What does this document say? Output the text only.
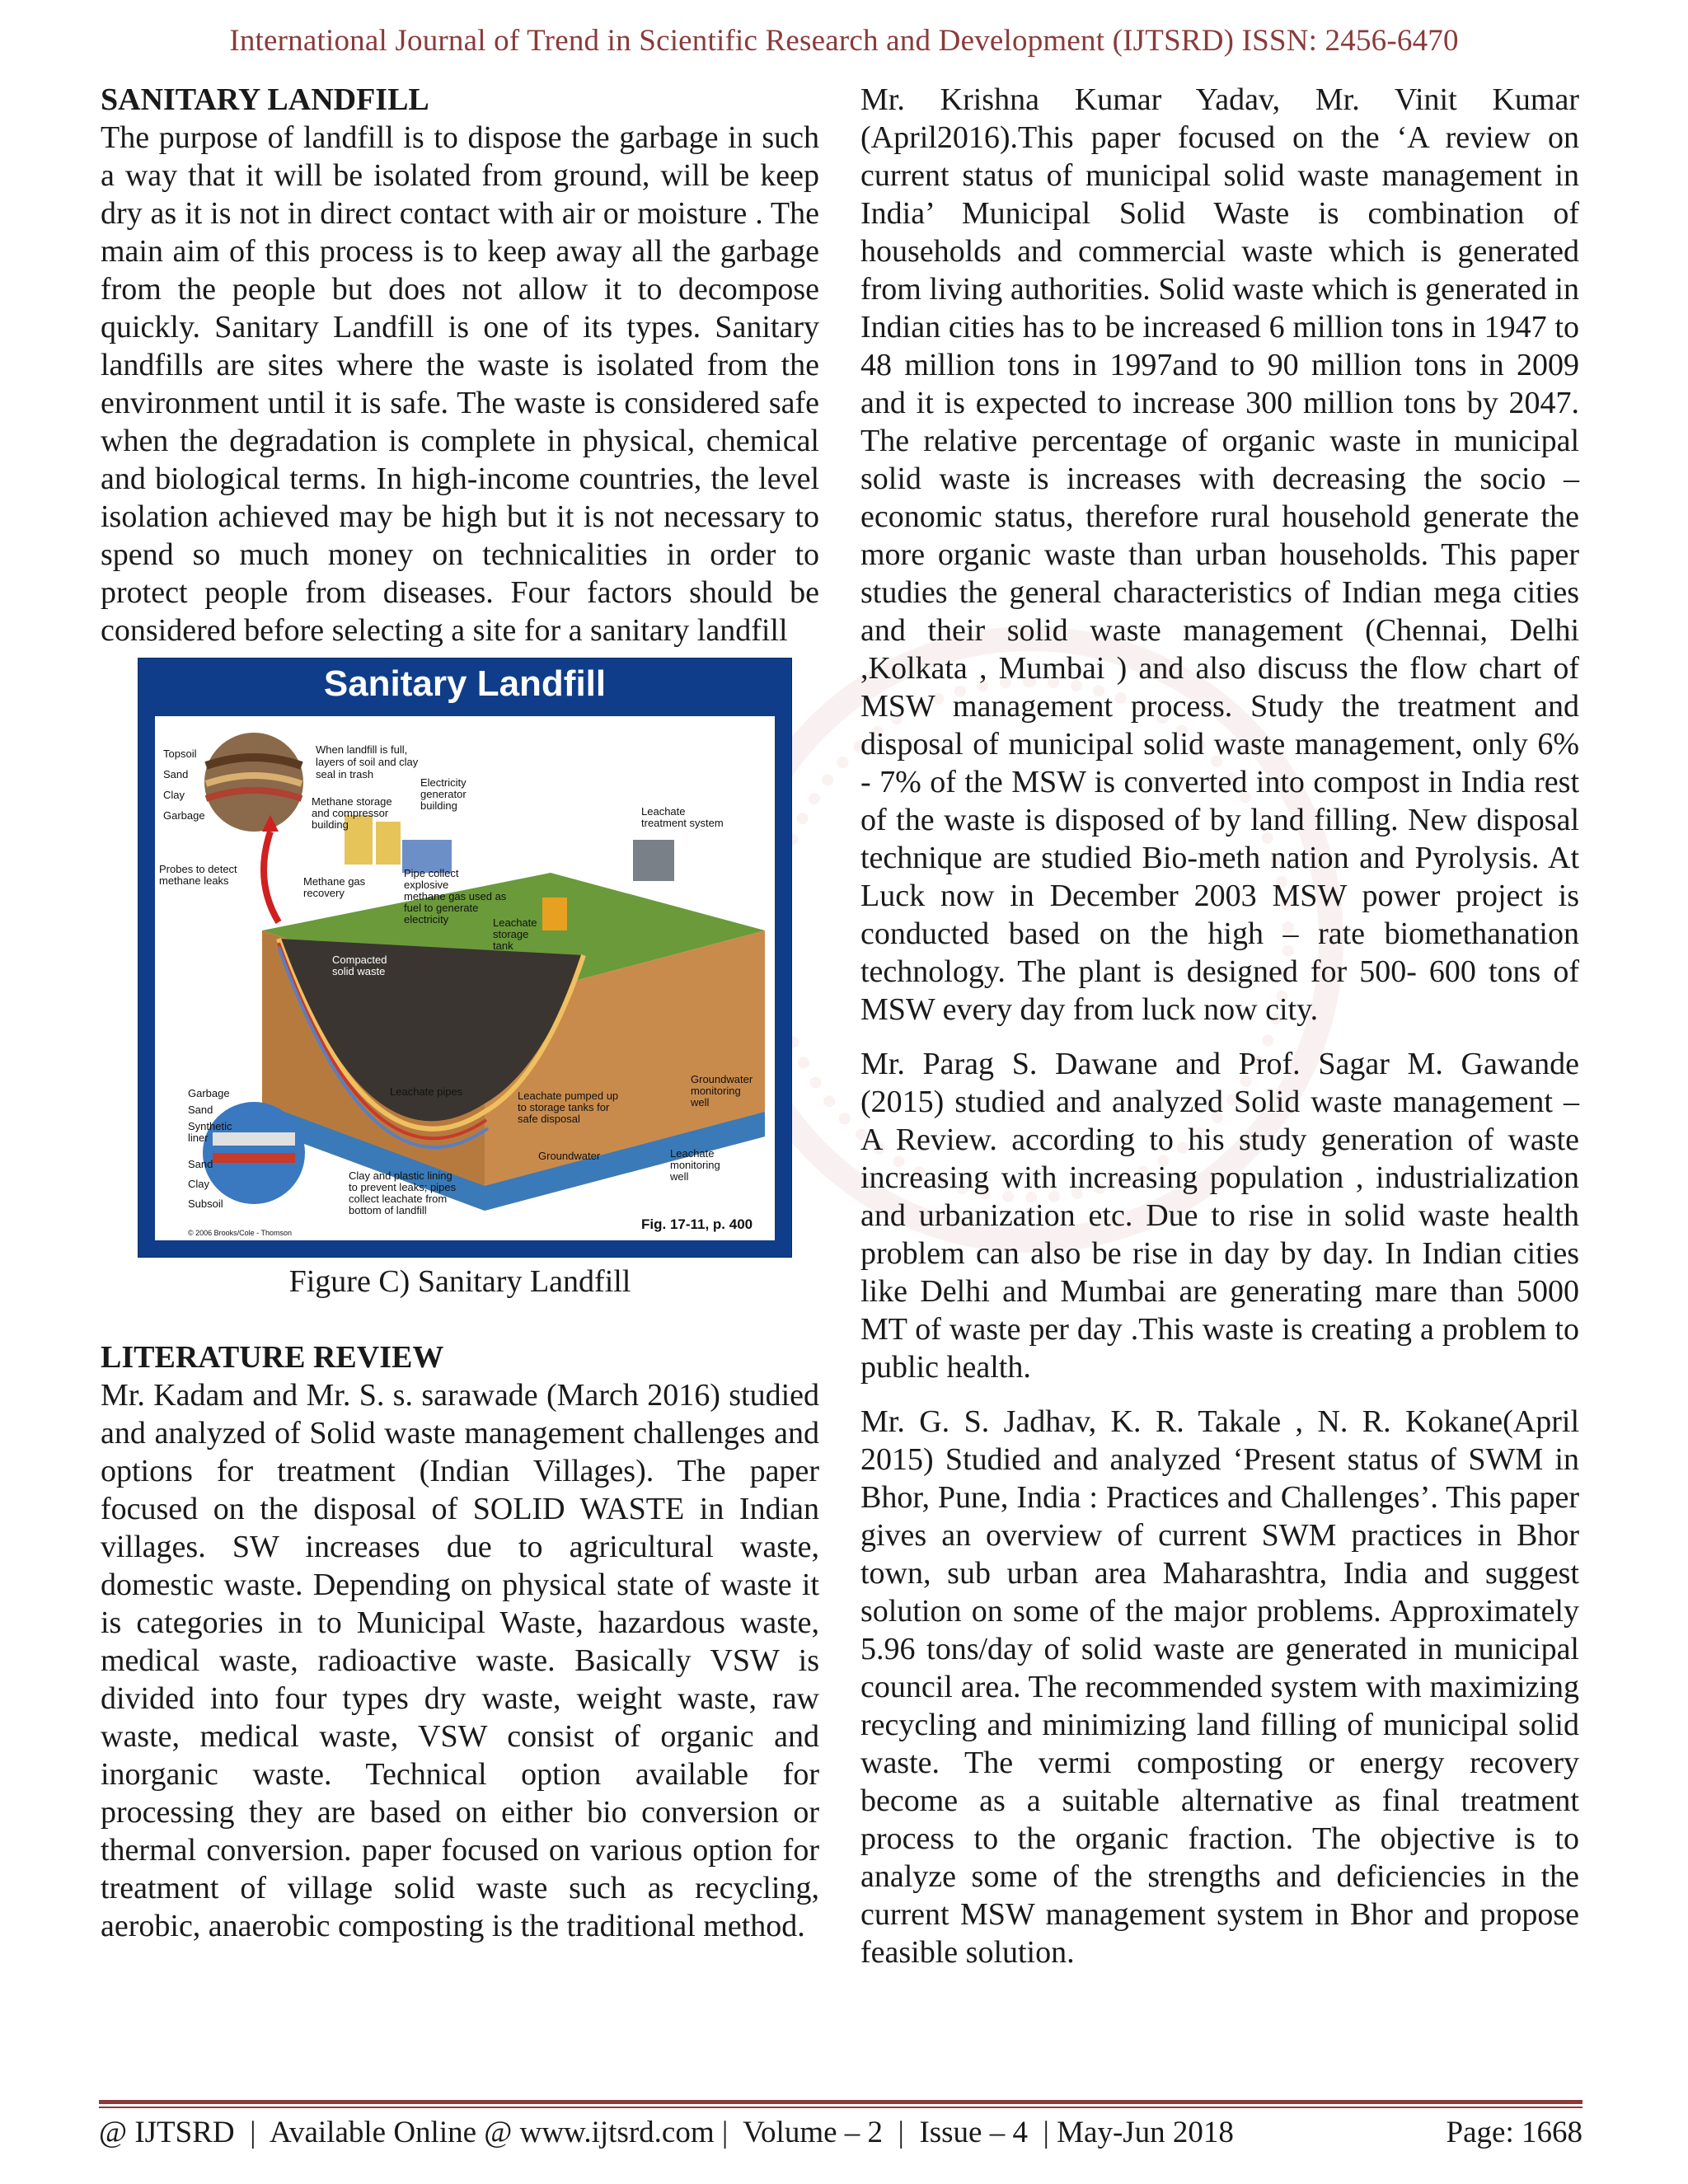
International Journal of Trend in Scientific Research and Development (IJTSRD) ISSN: 2456-6470

SANITARY LANDFILL

The purpose of landfill is to dispose the garbage in such a way that it will be isolated from ground, will be keep dry as it is not in direct contact with air or moisture . The main aim of this process is to keep away all the garbage from the people but does not allow it to decompose quickly. Sanitary Landfill is one of its types. Sanitary landfills are sites where the waste is isolated from the environment until it is safe. The waste is considered safe when the degradation is complete in physical, chemical and biological terms. In high-income countries, the level isolation achieved may be high but it is not necessary to spend so much money on technicalities in order to protect people from diseases. Four factors should be considered before selecting a site for a sanitary landfill

Sanitary Landfill
Topsoil
Sand
Clay
Garbage
When landfill is full,
layers of soil and clay
seal in trash
Methane storage
and compressor
building
Electricity
generator
building	Leachate
treatment system
Probes to detect
methane leaks	Methane gas
recovery
Pipe collect
explosive
methane gas used as
fuel to generate
electricity	Leachate
storage
tank
Compacted
solid waste
Groundwater
monitoring
well
Garbage
Sand
Synthetic
liner
Sand
Clay
Subsoil
Leachate pipes	Leachate pumped up
to storage tanks for
safe disposal
Groundwater	Leachate
monitoring
well
Clay and plastic lining
to prevent leaks; pipes
collect leachate from
bottom of landfill
Fig. 17-11, p. 400
© 2006 Brooks/Cole - Thomson

Figure C) Sanitary Landfill

LITERATURE REVIEW

Mr. Kadam and Mr. S. s. sarawade (March 2016) studied and analyzed of Solid waste management challenges and options for treatment (Indian Villages). The paper focused on the disposal of SOLID WASTE in Indian villages. SW increases due to agricultural waste, domestic waste. Depending on physical state of waste it is categories in to Municipal Waste, hazardous waste, medical waste, radioactive waste. Basically VSW is divided into four types dry waste, weight waste, raw waste, medical waste, VSW consist of organic and inorganic waste. Technical option available for processing they are based on either bio conversion or thermal conversion. paper focused on various option for treatment of village solid waste such as recycling, aerobic, anaerobic composting is the traditional method.

Mr. Krishna Kumar Yadav, Mr. Vinit Kumar (April2016).This paper focused on the ‘A review on current status of municipal solid waste management in India’ Municipal Solid Waste is combination of households and commercial waste which is generated from living authorities. Solid waste which is generated in Indian cities has to be increased 6 million tons in 1947 to 48 million tons in 1997and to 90 million tons in 2009 and it is expected to increase 300 million tons by 2047. The relative percentage of organic waste in municipal solid waste is increases with decreasing the socio – economic status, therefore rural household generate the more organic waste than urban households. This paper studies the general characteristics of Indian mega cities and their solid waste management (Chennai, Delhi ,Kolkata , Mumbai ) and also discuss the flow chart of MSW management process. Study the treatment and disposal of municipal solid waste management, only 6% - 7% of the MSW is converted into compost in India rest of the waste is disposed of by land filling. New disposal technique are studied Bio-meth nation and Pyrolysis. At Luck now in December 2003 MSW power project is conducted based on the high – rate biomethanation technology. The plant is designed for 500- 600 tons of MSW every day from luck now city.

Mr. Parag S. Dawane and Prof. Sagar M. Gawande (2015) studied and analyzed Solid waste management – A Review. according to his study generation of waste increasing with increasing population , industrialization and urbanization etc. Due to rise in solid waste health problem can also be rise in day by day. In Indian cities like Delhi and Mumbai are generating mare than 5000 MT of waste per day .This waste is creating a problem to public health.

Mr. G. S. Jadhav, K. R. Takale , N. R. Kokane(April 2015) Studied and analyzed ‘Present status of SWM in Bhor, Pune, India : Practices and Challenges’. This paper gives an overview of current SWM practices in Bhor town, sub urban area Maharashtra, India and suggest solution on some of the major problems. Approximately 5.96 tons/day of solid waste are generated in municipal council area. The recommended system with maximizing recycling and minimizing land filling of municipal solid waste. The vermi composting or energy recovery become as a suitable alternative as final treatment process to the organic fraction. The objective is to analyze some of the strengths and deficiencies in the current MSW management system in Bhor and propose feasible solution.

@ IJTSRD  |  Available Online @ www.ijtsrd.com |  Volume – 2  |  Issue – 4  | May-Jun 2018	Page: 1668
